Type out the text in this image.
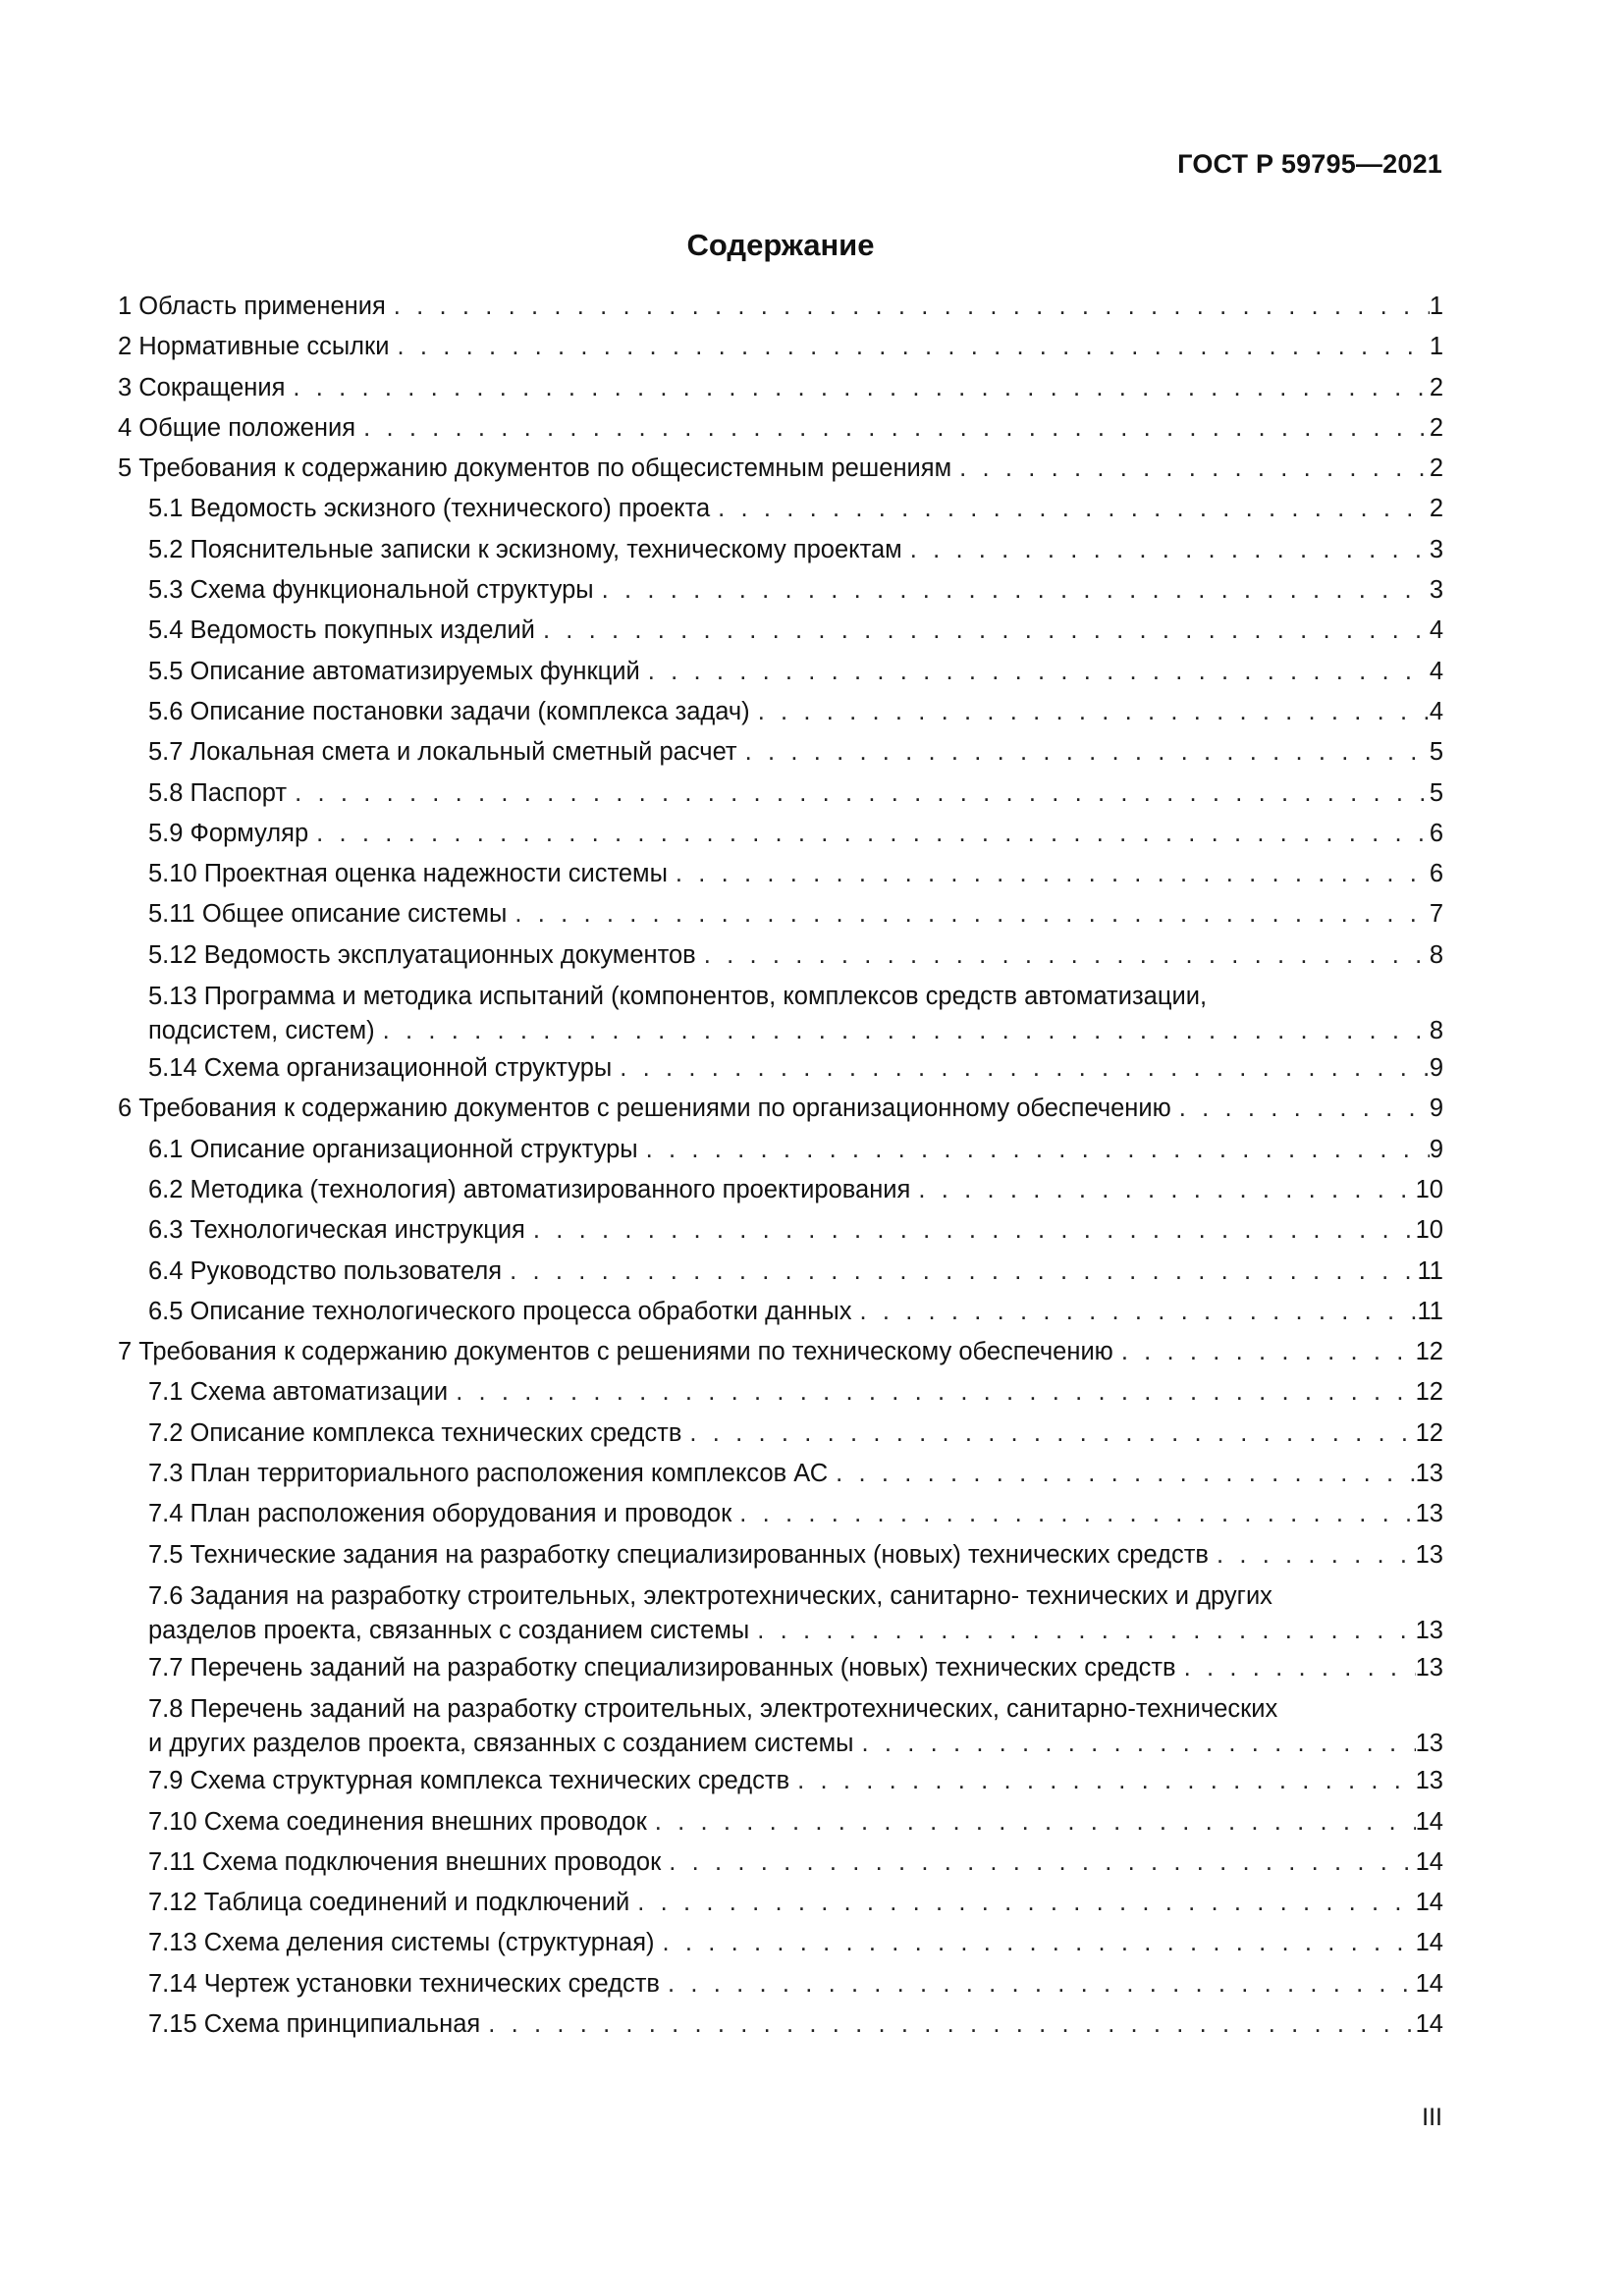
ГОСТ Р 59795—2021
Содержание
1 Область применения . . .	1
2 Нормативные ссылки . . .	1
3 Сокращения . . .	2
4 Общие положения . . .	2
5 Требования к содержанию документов по общесистемным решениям . . .	2
5.1 Ведомость эскизного (технического) проекта . . .	2
5.2 Пояснительные записки к эскизному, техническому проектам . . .	3
5.3 Схема функциональной структуры . . .	3
5.4 Ведомость покупных изделий . . .	4
5.5 Описание автоматизируемых функций . . .	4
5.6 Описание постановки задачи (комплекса задач) . . .	4
5.7 Локальная смета и локальный сметный расчет . . .	5
5.8 Паспорт . . .	5
5.9 Формуляр . . .	6
5.10 Проектная оценка надежности системы . . .	6
5.11 Общее описание системы . . .	7
5.12 Ведомость эксплуатационных документов . . .	8
5.13 Программа и методика испытаний (компонентов, комплексов средств автоматизации,
подсистем, систем) . . .	8
5.14 Схема организационной структуры . . .	9
6 Требования к содержанию документов с решениями по организационному обеспечению . . .	9
6.1 Описание организационной структуры . . .	9
6.2 Методика (технология) автоматизированного проектирования . . .	10
6.3 Технологическая инструкция . . .	10
6.4 Руководство пользователя . . .	11
6.5 Описание технологического процесса обработки данных . . .	11
7 Требования к содержанию документов с решениями по техническому обеспечению . . .	12
7.1 Схема автоматизации . . .	12
7.2 Описание комплекса технических средств . . .	12
7.3 План территориального расположения комплексов АС . . .	13
7.4 План расположения оборудования и проводок . . .	13
7.5 Технические задания на разработку специализированных (новых) технических средств . . .	13
7.6 Задания на разработку строительных, электротехнических, санитарно- технических и других
разделов проекта, связанных с созданием системы . . .	13
7.7 Перечень заданий на разработку специализированных (новых) технических средств . . .	13
7.8 Перечень заданий на разработку строительных, электротехнических, санитарно-технических
и других разделов проекта, связанных с созданием системы . . .	13
7.9 Схема структурная комплекса технических средств . . .	13
7.10 Схема соединения внешних проводок . . .	14
7.11 Схема подключения внешних проводок . . .	14
7.12 Таблица соединений и подключений . . .	14
7.13 Схема деления системы (структурная) . . .	14
7.14 Чертеж установки технических средств . . .	14
7.15 Схема принципиальная . . .	14
III
